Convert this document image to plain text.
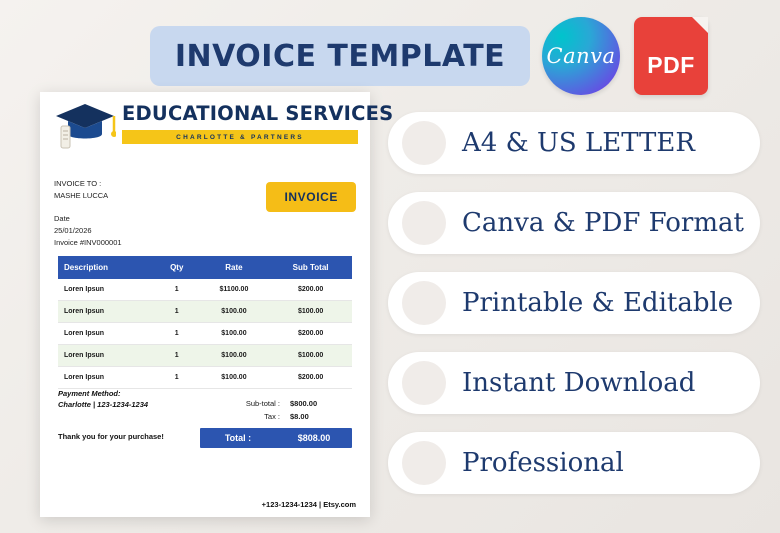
INVOICE TEMPLATE Canva PDF
EDUCATIONAL SERVICES
CHARLOTTE & PARTNERS
INVOICE TO :
MASHE LUCCA
Date
25/01/2026
Invoice #INV000001
INVOICE
Description	Qty	Rate	Sub Total
Loren Ipsun	1	$1100.00	$200.00
Loren Ipsun	1	$100.00	$100.00
Loren Ipsun	1	$100.00	$200.00
Loren Ipsun	1	$100.00	$100.00
Loren Ipsun	1	$100.00	$200.00
Sub-total :	$800.00
Tax :	$8.00
Total :	$808.00
Payment Method:
Charlotte | 123-1234-1234
Thank you for your purchase!
+123-1234-1234 | Etsy.com
A4 & US LETTER
Canva & PDF Format
Printable & Editable
Instant Download
Professional
